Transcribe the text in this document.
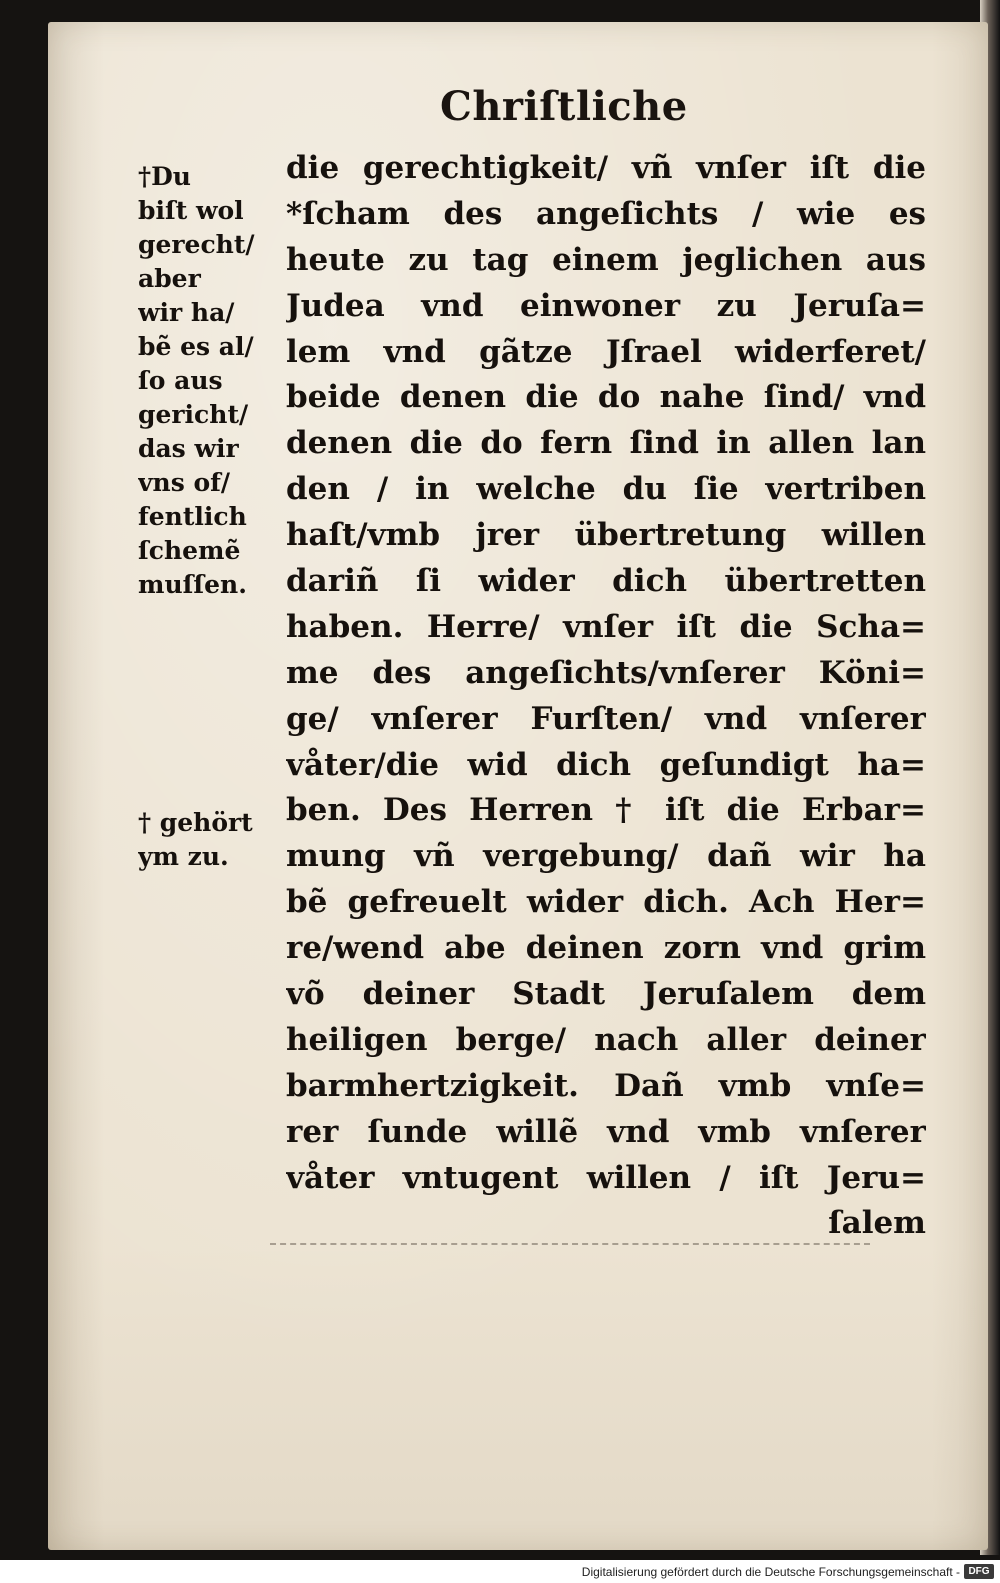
Chriſtliche
†Du
biſt wol
gerecht/
aber
wir ha/
bẽ es al/
ſo aus
gericht/
das wir
vns of/
fentlich
ſchemẽ
muſſen.
† gehört
ym zu.
die gerechtigkeit/ vñ vnſer iſt die
*ſcham des angeſichts / wie es
heute zu tag einem jeglichen aus
Judea vnd einwoner zu Jeruſa=
lem vnd gãtze Jſrael widerferet/
beide denen die do nahe ſind/ vnd
denen die do fern ſind in allen lan
den / in welche du ſie vertriben
haſt/vmb jrer übertretung willen
dariñ ſi wider dich übertretten
haben. Herre/ vnſer iſt die Scha=
me des angeſichts/vnſerer Köni=
ge/ vnſerer Furſten/ vnd vnſerer
våter/die wid dich geſundigt ha=
ben. Des Herren † iſt die Erbar=
mung vñ vergebung/ dañ wir ha
bẽ gefreuelt wider dich. Ach Her=
re/wend abe deinen zorn vnd grim
võ deiner Stadt Jeruſalem dem
heiligen berge/ nach aller deiner
barmhertzigkeit. Dañ vmb vnſe=
rer ſunde willẽ vnd vmb vnſerer
våter vntugent willen / iſt Jeru=
ſalem
Digitalisierung gefördert durch die Deutsche Forschungsgemeinschaft - DFG
